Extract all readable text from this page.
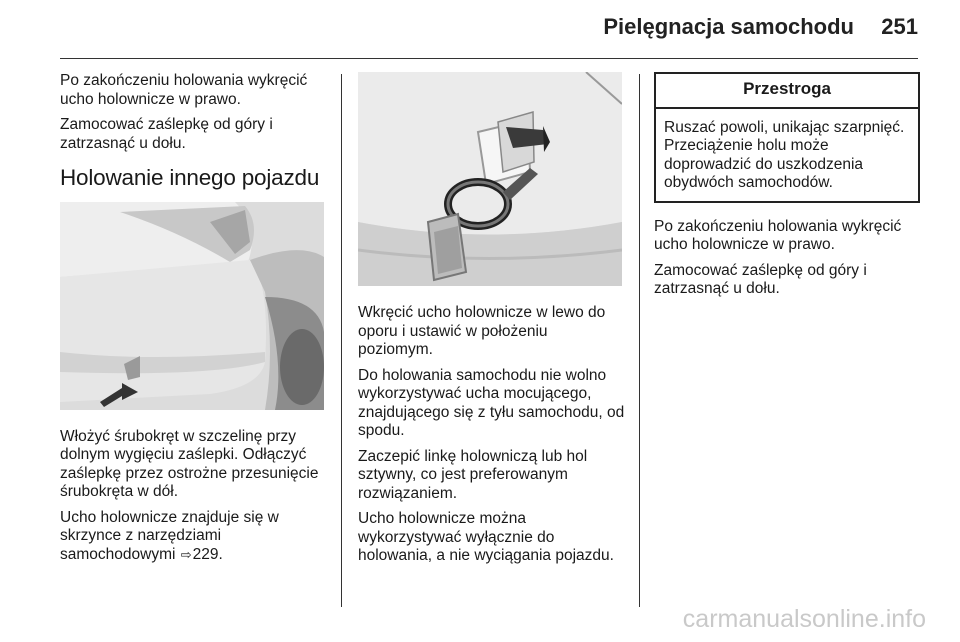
Pielęgnacja samochodu 251

Po zakończeniu holowania wykręcić ucho holownicze w prawo.

Zamocować zaślepkę od góry i zatrzasnąć u dołu.

Holowanie innego pojazdu

Włożyć śrubokręt w szczelinę przy dolnym wygięciu zaślepki. Odłączyć zaślepkę przez ostrożne przesunięcie śrubokręta w dół.

Ucho holownicze znajduje się w skrzynce z narzędziami samochodowymi ⇨229.

Wkręcić ucho holownicze w lewo do oporu i ustawić w położeniu poziomym.

Do holowania samochodu nie wolno wykorzystywać ucha mocującego, znajdującego się z tyłu samochodu, od spodu.

Zaczepić linkę holowniczą lub hol sztywny, co jest preferowanym rozwiązaniem.

Ucho holownicze można wykorzystywać wyłącznie do holowania, a nie wyciągania pojazdu.

Przestroga
Ruszać powoli, unikając szarpnięć. Przeciążenie holu może doprowadzić do uszkodzenia obydwóch samochodów.

Po zakończeniu holowania wykręcić ucho holownicze w prawo.

Zamocować zaślepkę od góry i zatrzasnąć u dołu.

carmanualsonline.info
